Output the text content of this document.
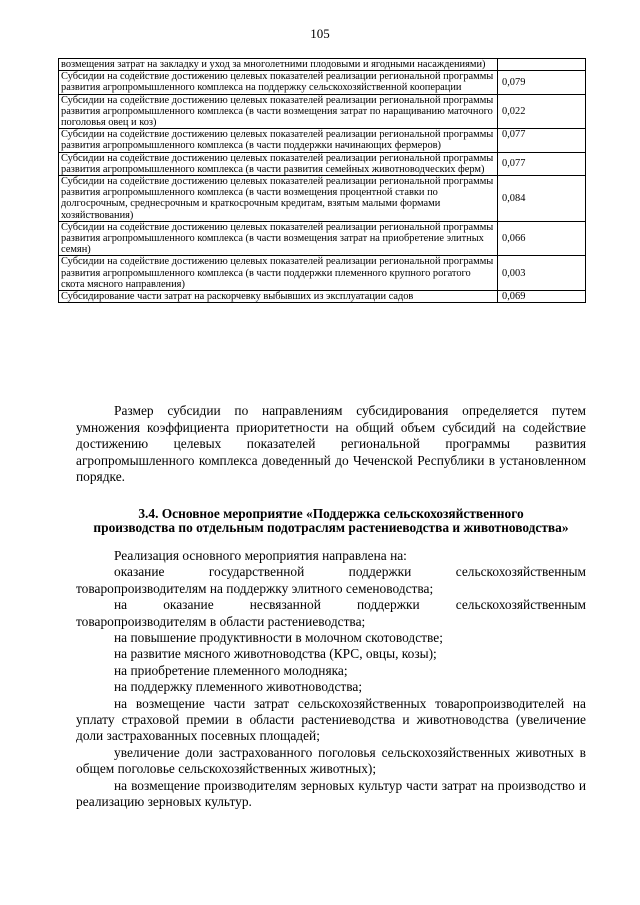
105
возмещения затрат на закладку и уход за многолетними плодовыми и ягодными насаждениями)	
Субсидии на содействие достижению целевых показателей реализации региональной программы развития агропромышленного комплекса на поддержку сельскохозяйственной кооперации	0,079
Субсидии на содействие достижению целевых показателей реализации региональной программы развития агропромышленного комплекса (в части возмещения затрат по наращиванию маточного поголовья овец и коз)	0,022
Субсидии на содействие достижению целевых показателей реализации региональной программы развития агропромышленного комплекса (в части поддержки начинающих фермеров)	0,077
Субсидии на содействие достижению целевых показателей реализации региональной программы развития агропромышленного комплекса (в части развития семейных животноводческих ферм)	0,077
Субсидии на содействие достижению целевых показателей реализации региональной программы развития агропромышленного комплекса (в части возмещения процентной ставки по долгосрочным, среднесрочным и краткосрочным кредитам, взятым малыми формами хозяйствования)	0,084
Субсидии на содействие достижению целевых показателей реализации региональной программы развития агропромышленного комплекса (в части возмещения затрат на приобретение элитных семян)	0,066
Субсидии на содействие достижению целевых показателей реализации региональной программы развития агропромышленного комплекса (в части поддержки племенного крупного рогатого скота мясного направления)	0,003
Субсидирование части затрат на раскорчевку выбывших из эксплуатации садов	0,069

Размер субсидии по направлениям субсидирования определяется путем умножения коэффициента приоритетности на общий объем субсидий на содействие достижению целевых показателей региональной программы развития агропромышленного комплекса доведенный до Чеченской Республики в установленном порядке.

3.4. Основное мероприятие «Поддержка сельскохозяйственного
производства по отдельным подотраслям растениеводства и животноводства»

Реализация основного мероприятия направлена на:

оказание государственной поддержки сельскохозяйственным товаропроизводителям на поддержку элитного семеноводства;

на оказание несвязанной поддержки сельскохозяйственным товаропроизводителям в области растениеводства;

на повышение продуктивности в молочном скотоводстве;

на развитие мясного животноводства (КРС, овцы, козы);

на приобретение племенного молодняка;

на поддержку племенного животноводства;

на возмещение части затрат сельскохозяйственных товаропроизводителей на уплату страховой премии в области растениеводства и животноводства (увеличение доли застрахованных посевных площадей;

увеличение доли застрахованного поголовья сельскохозяйственных животных в общем поголовье сельскохозяйственных животных);

на возмещение производителям зерновых культур части затрат на производство и реализацию зерновых культур.
